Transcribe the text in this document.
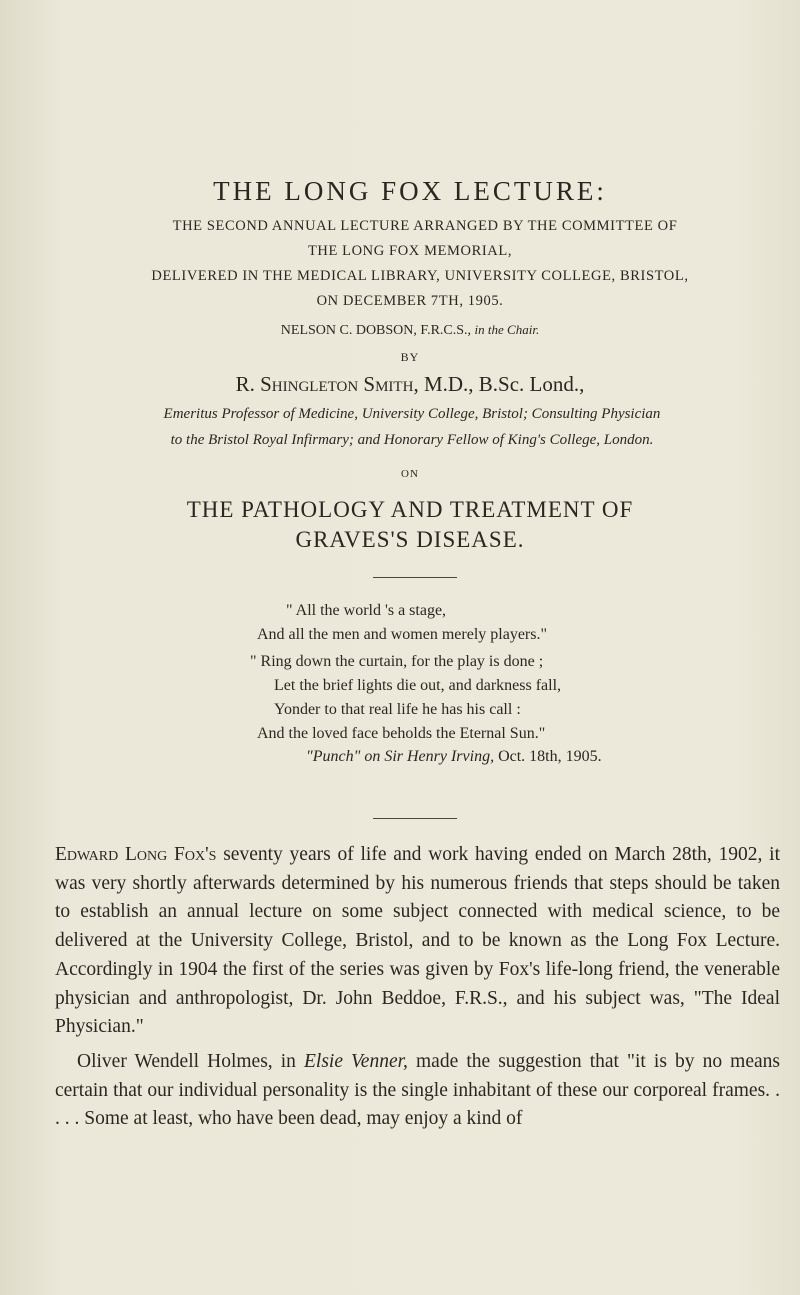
THE LONG FOX LECTURE:
THE SECOND ANNUAL LECTURE ARRANGED BY THE COMMITTEE OF
THE LONG FOX MEMORIAL,
DELIVERED IN THE MEDICAL LIBRARY, UNIVERSITY COLLEGE, BRISTOL,
ON DECEMBER 7TH, 1905.
NELSON C. DOBSON, F.R.C.S., in the Chair.
BY
R. Shingleton Smith, M.D., B.Sc. Lond.,
Emeritus Professor of Medicine, University College, Bristol; Consulting Physician
to the Bristol Royal Infirmary; and Honorary Fellow of King's College, London.
ON
THE PATHOLOGY AND TREATMENT OF
GRAVES'S DISEASE.
" All the world 's a stage,
And all the men and women merely players."
" Ring down the curtain, for the play is done ;
Let the brief lights die out, and darkness fall,
Yonder to that real life he has his call :
And the loved face beholds the Eternal Sun."
"Punch" on Sir Henry Irving, Oct. 18th, 1905.
Edward Long Fox's seventy years of life and work having ended on March 28th, 1902, it was very shortly afterwards determined by his numerous friends that steps should be taken to establish an annual lecture on some subject connected with medical science, to be delivered at the University College, Bristol, and to be known as the Long Fox Lecture. Accordingly in 1904 the first of the series was given by Fox's life-long friend, the venerable physician and anthropologist, Dr. John Beddoe, F.R.S., and his subject was, "The Ideal Physician."
Oliver Wendell Holmes, in Elsie Venner, made the suggestion that "it is by no means certain that our individual personality is the single inhabitant of these our corporeal frames. . . . . Some at least, who have been dead, may enjoy a kind of
